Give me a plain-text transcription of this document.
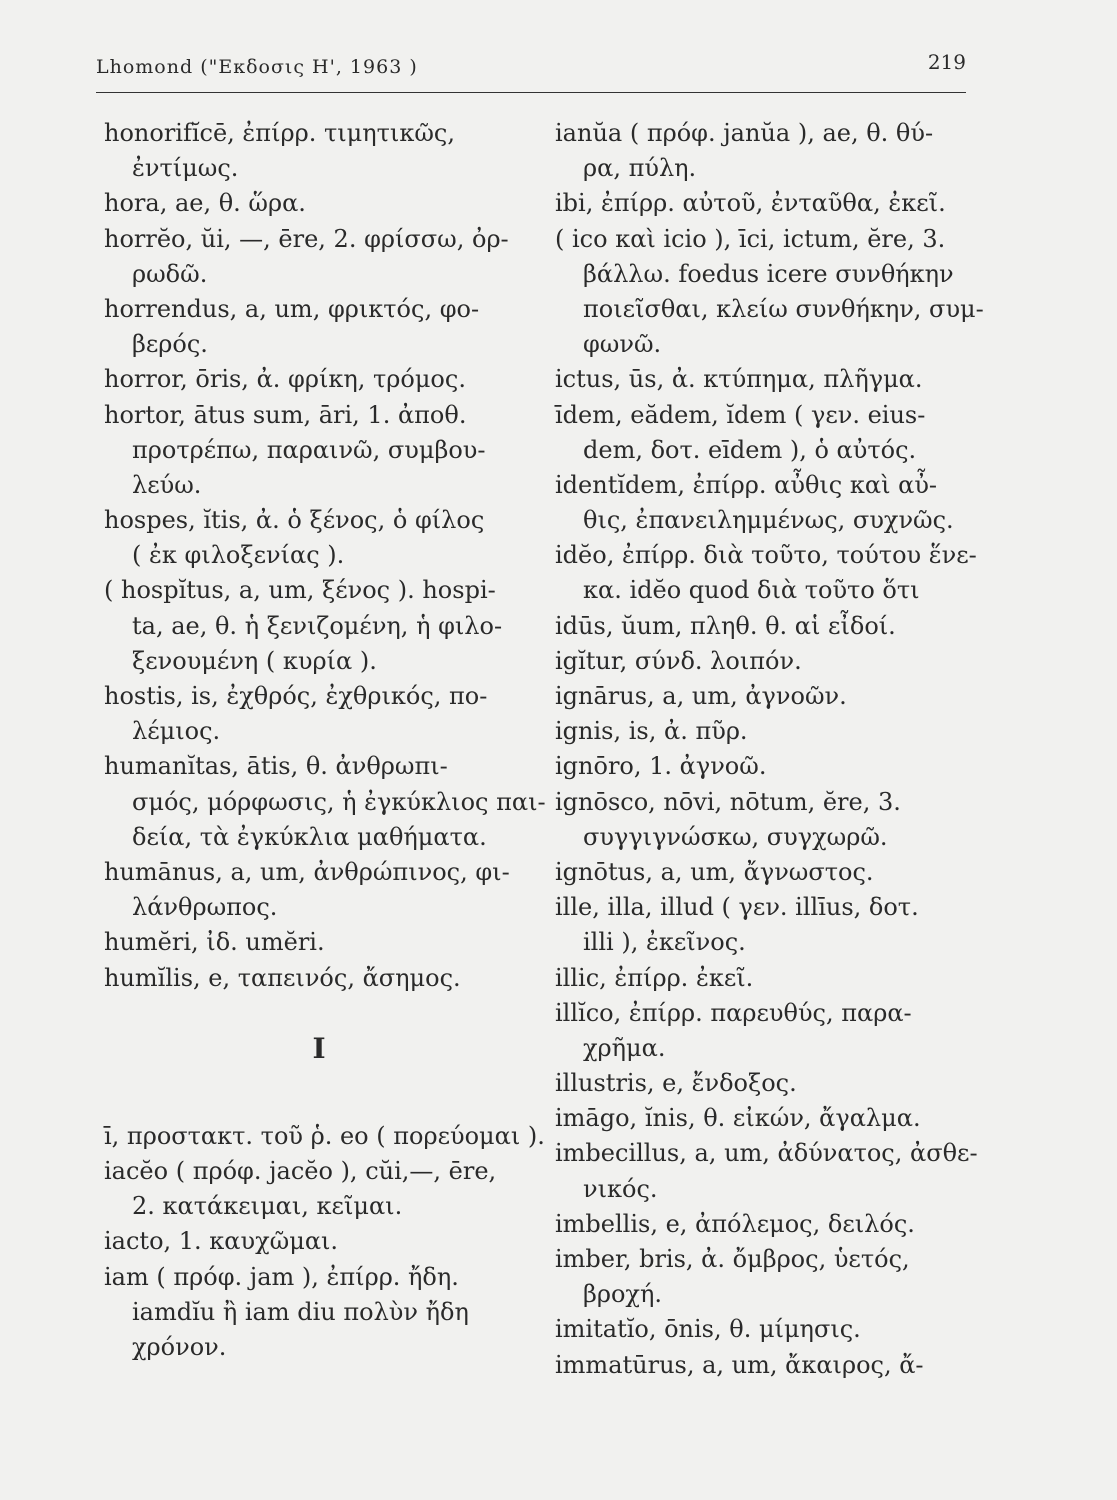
Lhomond ("Εκδοσις Η', 1963 )	219
honorifĭcē, ἐπίρρ. τιμητικῶς,
ἐντίμως.
hora, ae, θ. ὥρα.
horrĕo, ŭi, —, ēre, 2. φρίσσω, ὀρ-
ρωδῶ.
horrendus, a, um, φρικτός, φο-
βερός.
horror, ōris, ἀ. φρίκη, τρόμος.
hortor, ātus sum, āri, 1. ἀποθ.
προτρέπω, παραινῶ, συμβου-
λεύω.
hospes, ĭtis, ἀ. ὁ ξένος, ὁ φίλος
( ἐκ φιλοξενίας ).
( hospĭtus, a, um, ξένος ). hospi-
ta, ae, θ. ἡ ξενιζομένη, ἡ φιλο-
ξενουμένη ( κυρία ).
hostis, is, ἐχθρός, ἐχθρικός, πο-
λέμιος.
humanĭtas, ātis, θ. ἀνθρωπι-
σμός, μόρφωσις, ἡ ἐγκύκλιος παι-
δεία, τὰ ἐγκύκλια μαθήματα.
humānus, a, um, ἀνθρώπινος, φι-
λάνθρωπος.
humĕri, ἰδ. umĕri.
humĭlis, e, ταπεινός, ἄσημος.
I
ī, προστακτ. τοῦ ῥ. eo ( πορεύομαι ).
iacĕo ( πρόφ. jacĕo ), cŭi,—, ēre,
2. κατάκειμαι, κεῖμαι.
iacto, 1. καυχῶμαι.
iam ( πρόφ. jam ), ἐπίρρ. ἤδη.
iamdĭu ἢ iam diu πολὺν ἤδη
χρόνον.
ianŭa ( πρόφ. janŭa ), ae, θ. θύ-
ρα, πύλη.
ibi, ἐπίρρ. αὐτοῦ, ἐνταῦθα, ἐκεῖ.
( ico καὶ icio ), īci, ictum, ĕre, 3.
βάλλω. foedus icere συνθήκην
ποιεῖσθαι, κλείω συνθήκην, συμ-
φωνῶ.
ictus, ūs, ἀ. κτύπημα, πλῆγμα.
īdem, eădem, ĭdem ( γεν. eius-
dem, δοτ. eīdem ), ὁ αὐτός.
identĭdem, ἐπίρρ. αὖθις καὶ αὖ-
θις, ἐπανειλημμένως, συχνῶς.
idĕo, ἐπίρρ. διὰ τοῦτο, τούτου ἕνε-
κα. idĕo quod διὰ τοῦτο ὅτι
idūs, ŭum, πληθ. θ. αἱ εἶδοί.
igĭtur, σύνδ. λοιπόν.
ignārus, a, um, ἀγνοῶν.
ignis, is, ἀ. πῦρ.
ignōro, 1. ἀγνοῶ.
ignōsco, nōvi, nōtum, ĕre, 3.
συγγιγνώσκω, συγχωρῶ.
ignōtus, a, um, ἄγνωστος.
ille, illa, illud ( γεν. illīus, δοτ.
illi ), ἐκεῖνος.
illic, ἐπίρρ. ἐκεῖ.
illĭco, ἐπίρρ. παρευθύς, παρα-
χρῆμα.
illustris, e, ἔνδοξος.
imāgo, ĭnis, θ. εἰκών, ἄγαλμα.
imbecillus, a, um, ἀδύνατος, ἀσθε-
νικός.
imbellis, e, ἀπόλεμος, δειλός.
imber, bris, ἀ. ὄμβρος, ὑετός,
βροχή.
imitatĭo, ōnis, θ. μίμησις.
immatūrus, a, um, ἄκαιρος, ἄ-
